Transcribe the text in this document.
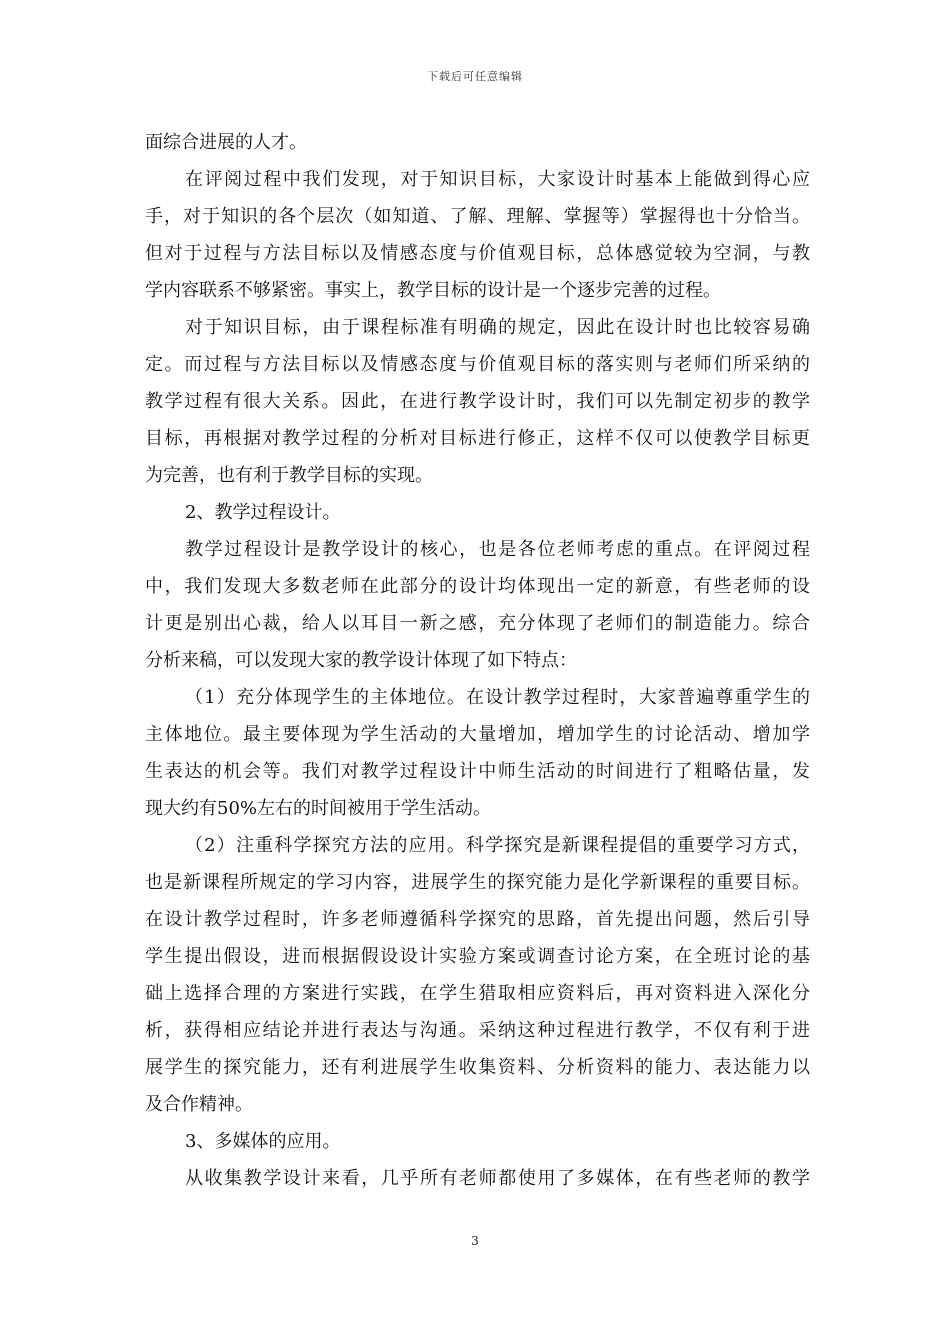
下载后可任意编辑
面综合进展的人才。
在评阅过程中我们发现，对于知识目标，大家设计时基本上能做到得心应
手，对于知识的各个层次（如知道、了解、理解、掌握等）掌握得也十分恰当。
但对于过程与方法目标以及情感态度与价值观目标，总体感觉较为空洞，与教
学内容联系不够紧密。事实上，教学目标的设计是一个逐步完善的过程。
对于知识目标，由于课程标准有明确的规定，因此在设计时也比较容易确
定。而过程与方法目标以及情感态度与价值观目标的落实则与老师们所采纳的
教学过程有很大关系。因此，在进行教学设计时，我们可以先制定初步的教学
目标，再根据对教学过程的分析对目标进行修正，这样不仅可以使教学目标更
为完善，也有利于教学目标的实现。
2、教学过程设计。
教学过程设计是教学设计的核心，也是各位老师考虑的重点。在评阅过程
中，我们发现大多数老师在此部分的设计均体现出一定的新意，有些老师的设
计更是别出心裁，给人以耳目一新之感，充分体现了老师们的制造能力。综合
分析来稿，可以发现大家的教学设计体现了如下特点：
（1）充分体现学生的主体地位。在设计教学过程时，大家普遍尊重学生的
主体地位。最主要体现为学生活动的大量增加，增加学生的讨论活动、增加学
生表达的机会等。我们对教学过程设计中师生活动的时间进行了粗略估量，发
现大约有50%左右的时间被用于学生活动。
（2）注重科学探究方法的应用。科学探究是新课程提倡的重要学习方式，
也是新课程所规定的学习内容，进展学生的探究能力是化学新课程的重要目标。
在设计教学过程时，许多老师遵循科学探究的思路，首先提出问题，然后引导
学生提出假设，进而根据假设设计实验方案或调查讨论方案，在全班讨论的基
础上选择合理的方案进行实践，在学生猎取相应资料后，再对资料进入深化分
析，获得相应结论并进行表达与沟通。采纳这种过程进行教学，不仅有利于进
展学生的探究能力，还有利进展学生收集资料、分析资料的能力、表达能力以
及合作精神。
3、多媒体的应用。
从收集教学设计来看，几乎所有老师都使用了多媒体，在有些老师的教学
3
